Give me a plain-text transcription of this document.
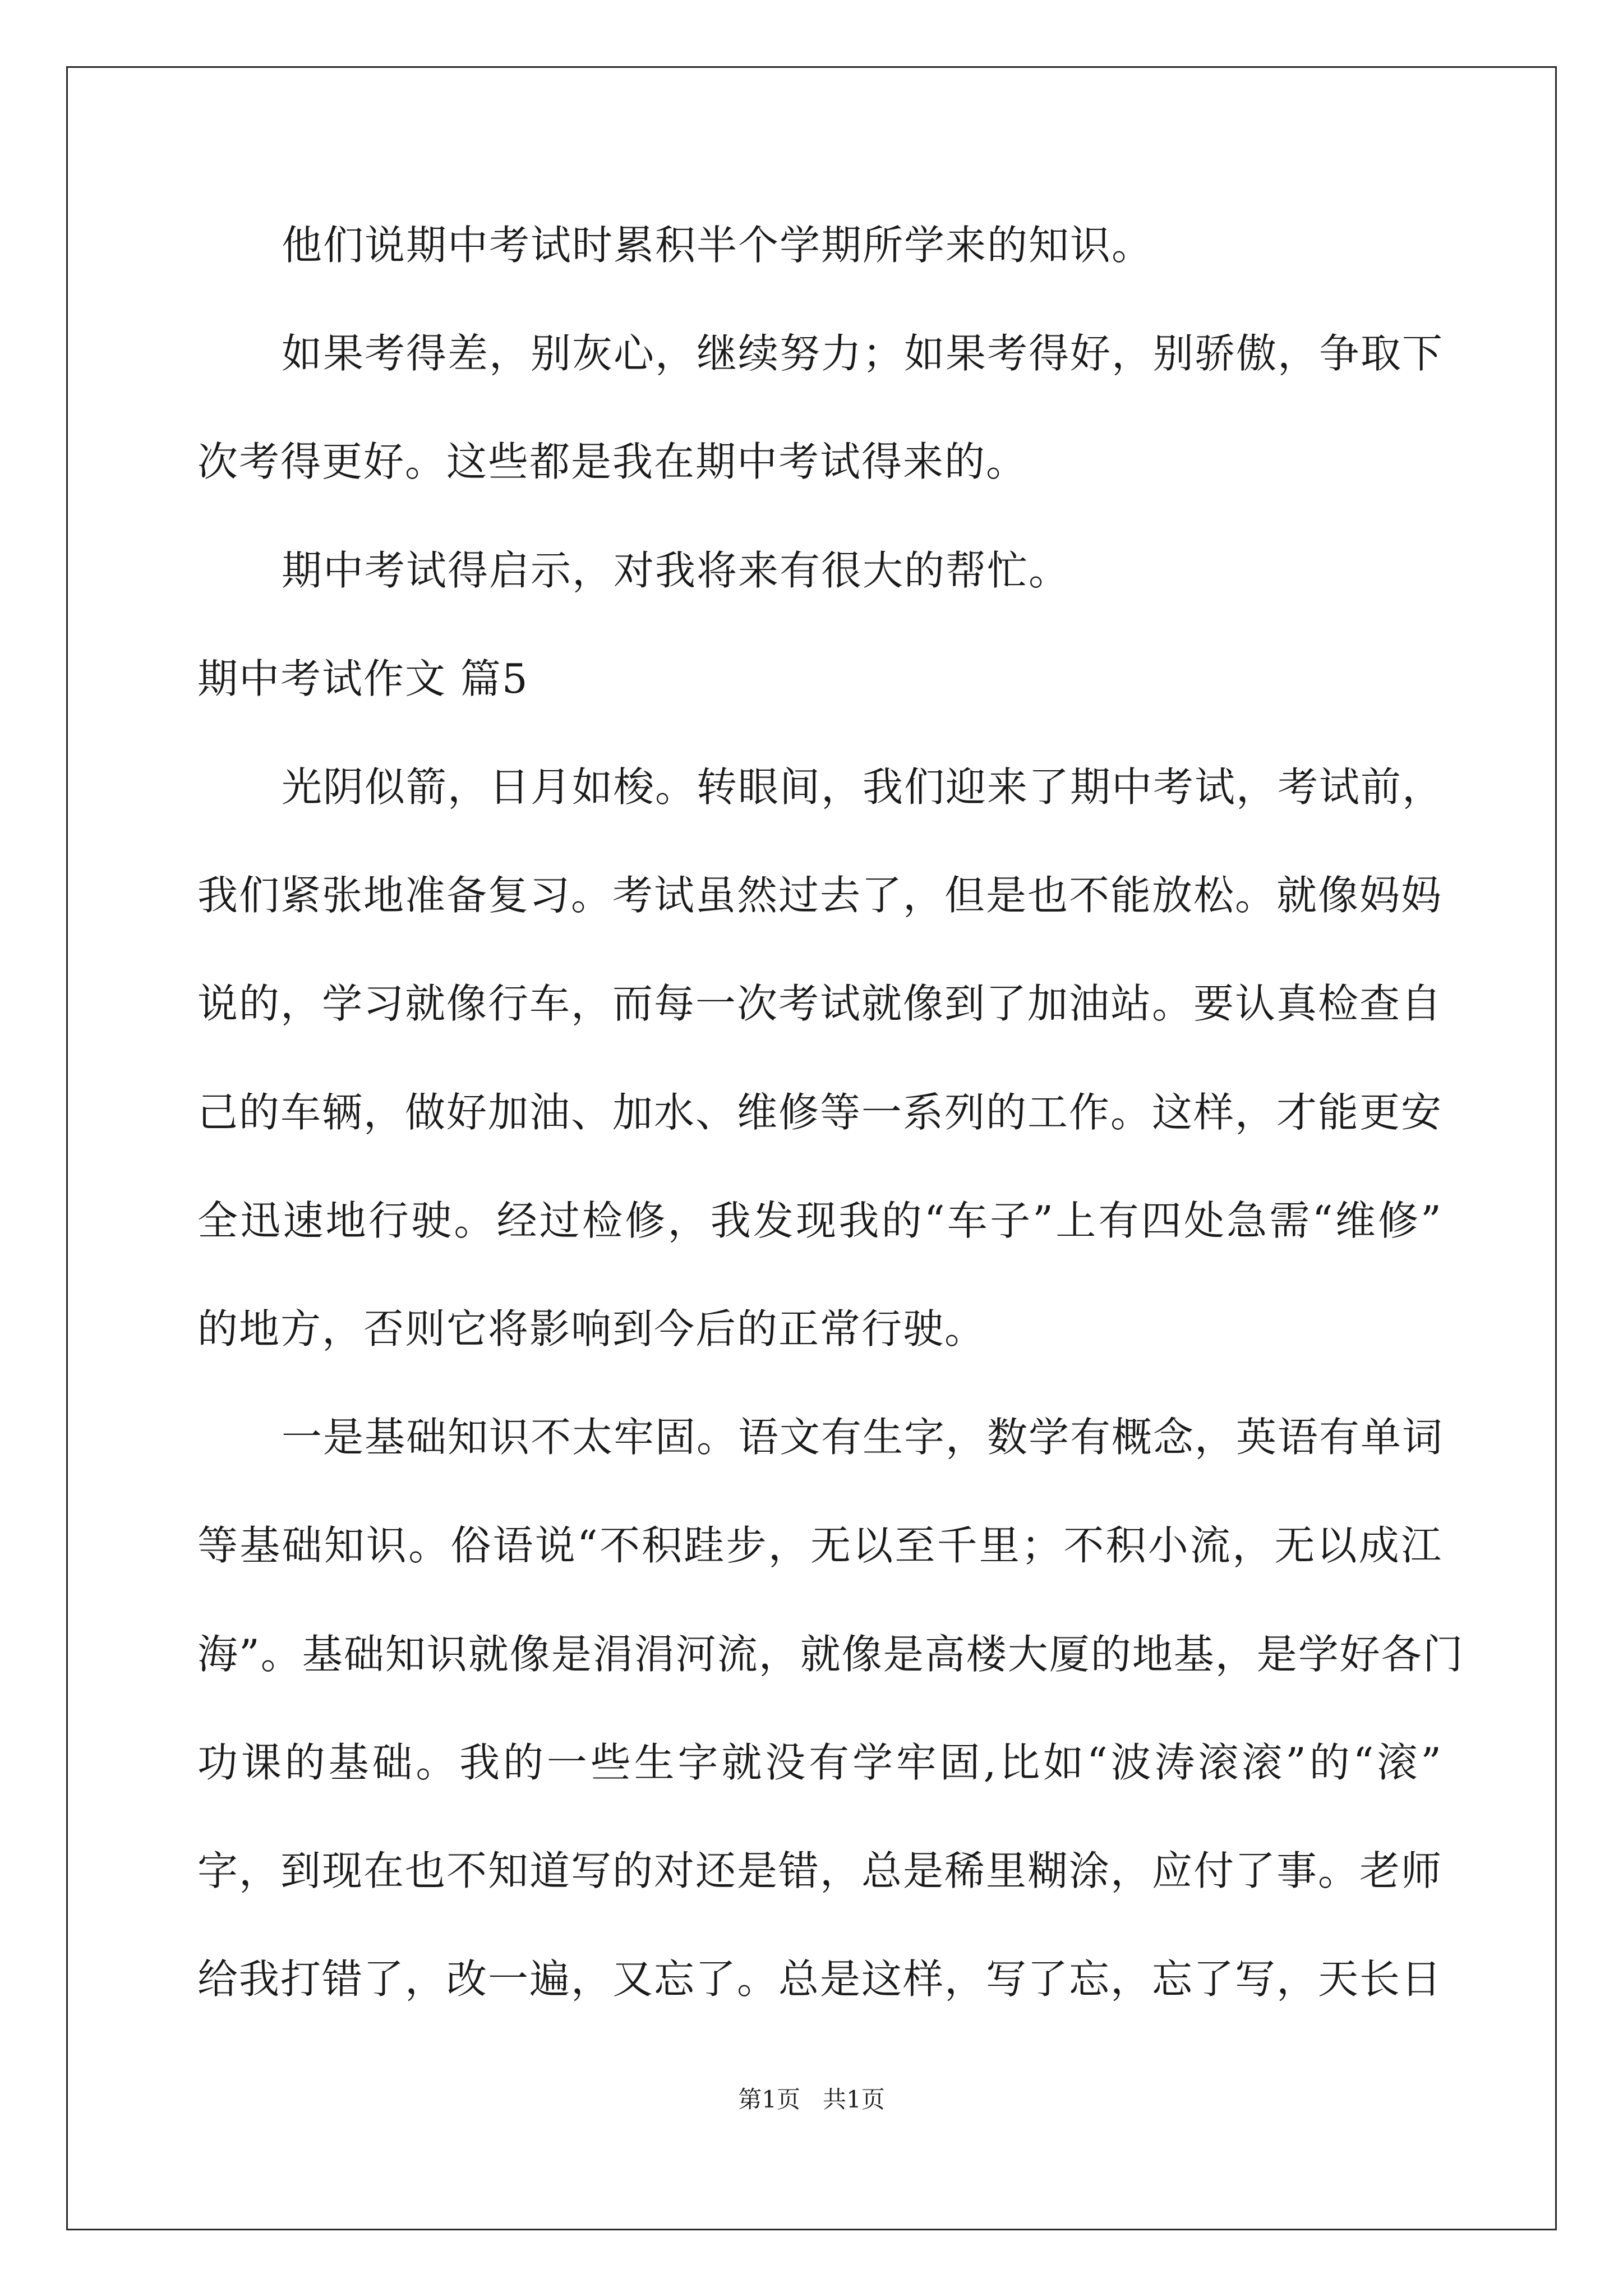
他们说期中考试时累积半个学期所学来的知识。
如果考得差，别灰心，继续努力；如果考得好，别骄傲，争取下
次考得更好。这些都是我在期中考试得来的。
期中考试得启示，对我将来有很大的帮忙。
期中考试作文 篇5
光阴似箭，日月如梭。转眼间，我们迎来了期中考试，考试前，
我们紧张地准备复习。考试虽然过去了，但是也不能放松。就像妈妈
说的，学习就像行车，而每一次考试就像到了加油站。要认真检查自
己的车辆，做好加油、加水、维修等一系列的工作。这样，才能更安
全迅速地行驶。经过检修，我发现我的“车子”上有四处急需“维修”
的地方，否则它将影响到今后的正常行驶。
一是基础知识不太牢固。语文有生字，数学有概念，英语有单词
等基础知识。俗语说“不积跬步，无以至千里；不积小流，无以成江
海”。基础知识就像是涓涓河流，就像是高楼大厦的地基，是学好各门
功课的基础。我的一些生字就没有学牢固,比如“波涛滚滚”的“滚”
字，到现在也不知道写的对还是错，总是稀里糊涂，应付了事。老师
给我打错了，改一遍，又忘了。总是这样，写了忘，忘了写，天长日
第1页   共1页
